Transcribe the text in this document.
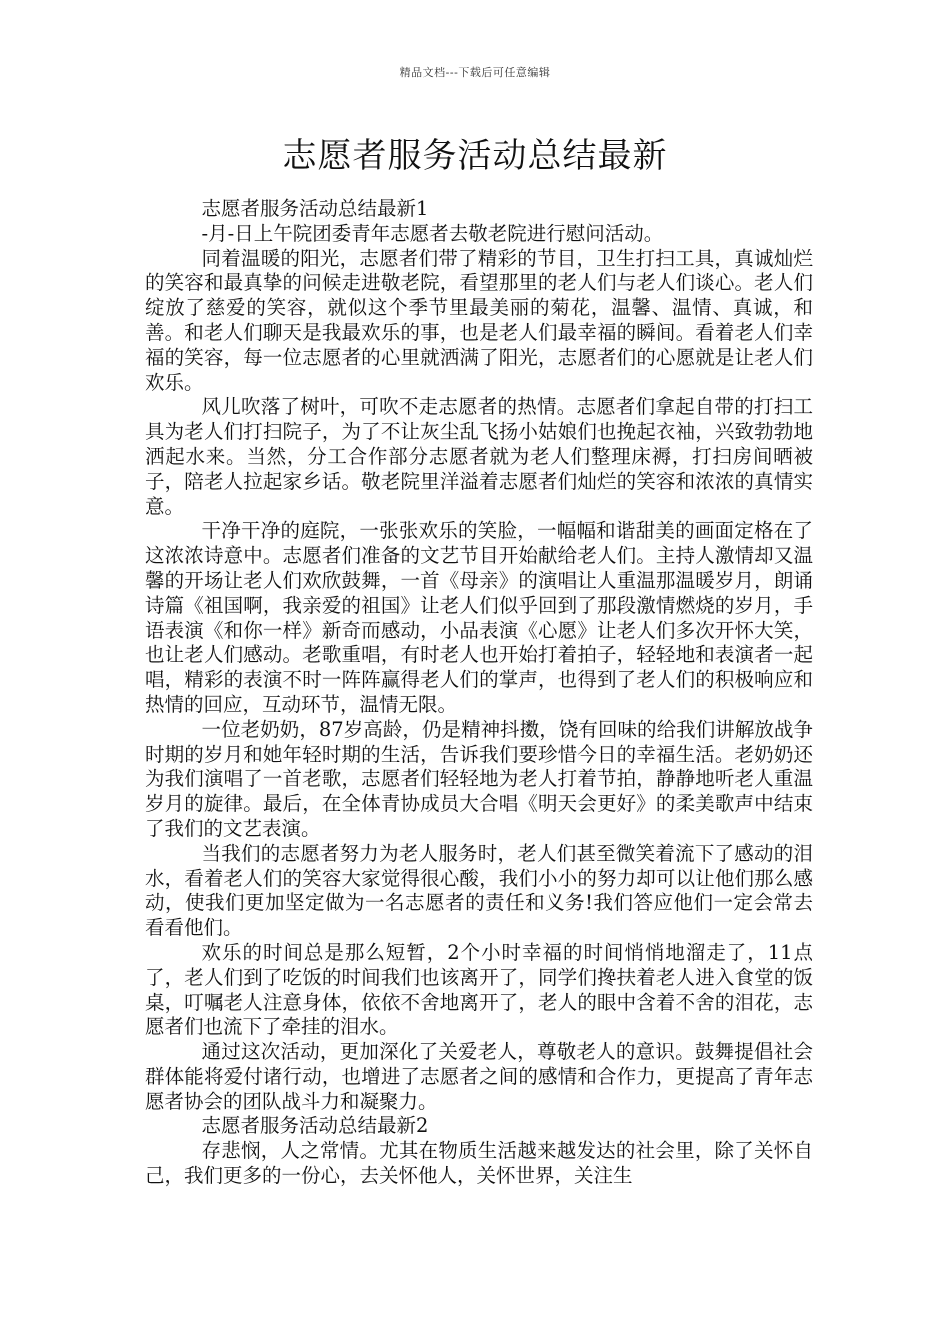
精品文档---下载后可任意编辑
志愿者服务活动总结最新

志愿者服务活动总结最新1

-月-日上午院团委青年志愿者去敬老院进行慰问活动。

同着温暖的阳光，志愿者们带了精彩的节目，卫生打扫工具，真诚灿烂的笑容和最真挚的问候走进敬老院，看望那里的老人们与老人们谈心。老人们绽放了慈爱的笑容，就似这个季节里最美丽的菊花，温馨、温情、真诚，和善。和老人们聊天是我最欢乐的事，也是老人们最幸福的瞬间。看着老人们幸福的笑容，每一位志愿者的心里就洒满了阳光，志愿者们的心愿就是让老人们欢乐。

风儿吹落了树叶，可吹不走志愿者的热情。志愿者们拿起自带的打扫工具为老人们打扫院子，为了不让灰尘乱飞扬小姑娘们也挽起衣袖，兴致勃勃地洒起水来。当然，分工合作部分志愿者就为老人们整理床褥，打扫房间晒被子，陪老人拉起家乡话。敬老院里洋溢着志愿者们灿烂的笑容和浓浓的真情实意。

干净干净的庭院，一张张欢乐的笑脸，一幅幅和谐甜美的画面定格在了这浓浓诗意中。志愿者们准备的文艺节目开始献给老人们。主持人激情却又温馨的开场让老人们欢欣鼓舞，一首《母亲》的演唱让人重温那温暖岁月，朗诵诗篇《祖国啊，我亲爱的祖国》让老人们似乎回到了那段激情燃烧的岁月，手语表演《和你一样》新奇而感动，小品表演《心愿》让老人们多次开怀大笑，也让老人们感动。老歌重唱，有时老人也开始打着拍子，轻轻地和表演者一起唱，精彩的表演不时一阵阵赢得老人们的掌声，也得到了老人们的积极响应和热情的回应，互动环节，温情无限。

一位老奶奶，87岁高龄，仍是精神抖擞，饶有回味的给我们讲解放战争时期的岁月和她年轻时期的生活，告诉我们要珍惜今日的幸福生活。老奶奶还为我们演唱了一首老歌，志愿者们轻轻地为老人打着节拍，静静地听老人重温岁月的旋律。最后，在全体青协成员大合唱《明天会更好》的柔美歌声中结束了我们的文艺表演。

当我们的志愿者努力为老人服务时，老人们甚至微笑着流下了感动的泪水，看着老人们的笑容大家觉得很心酸，我们小小的努力却可以让他们那么感动，使我们更加坚定做为一名志愿者的责任和义务!我们答应他们一定会常去看看他们。

欢乐的时间总是那么短暂，2个小时幸福的时间悄悄地溜走了，11点了，老人们到了吃饭的时间我们也该离开了，同学们搀扶着老人进入食堂的饭桌，叮嘱老人注意身体，依依不舍地离开了，老人的眼中含着不舍的泪花，志愿者们也流下了牵挂的泪水。

通过这次活动，更加深化了关爱老人，尊敬老人的意识。鼓舞提倡社会群体能将爱付诸行动，也增进了志愿者之间的感情和合作力，更提高了青年志愿者协会的团队战斗力和凝聚力。

志愿者服务活动总结最新2

存悲悯，人之常情。尤其在物质生活越来越发达的社会里，除了关怀自己，我们更多的一份心，去关怀他人，关怀世界，关注生
